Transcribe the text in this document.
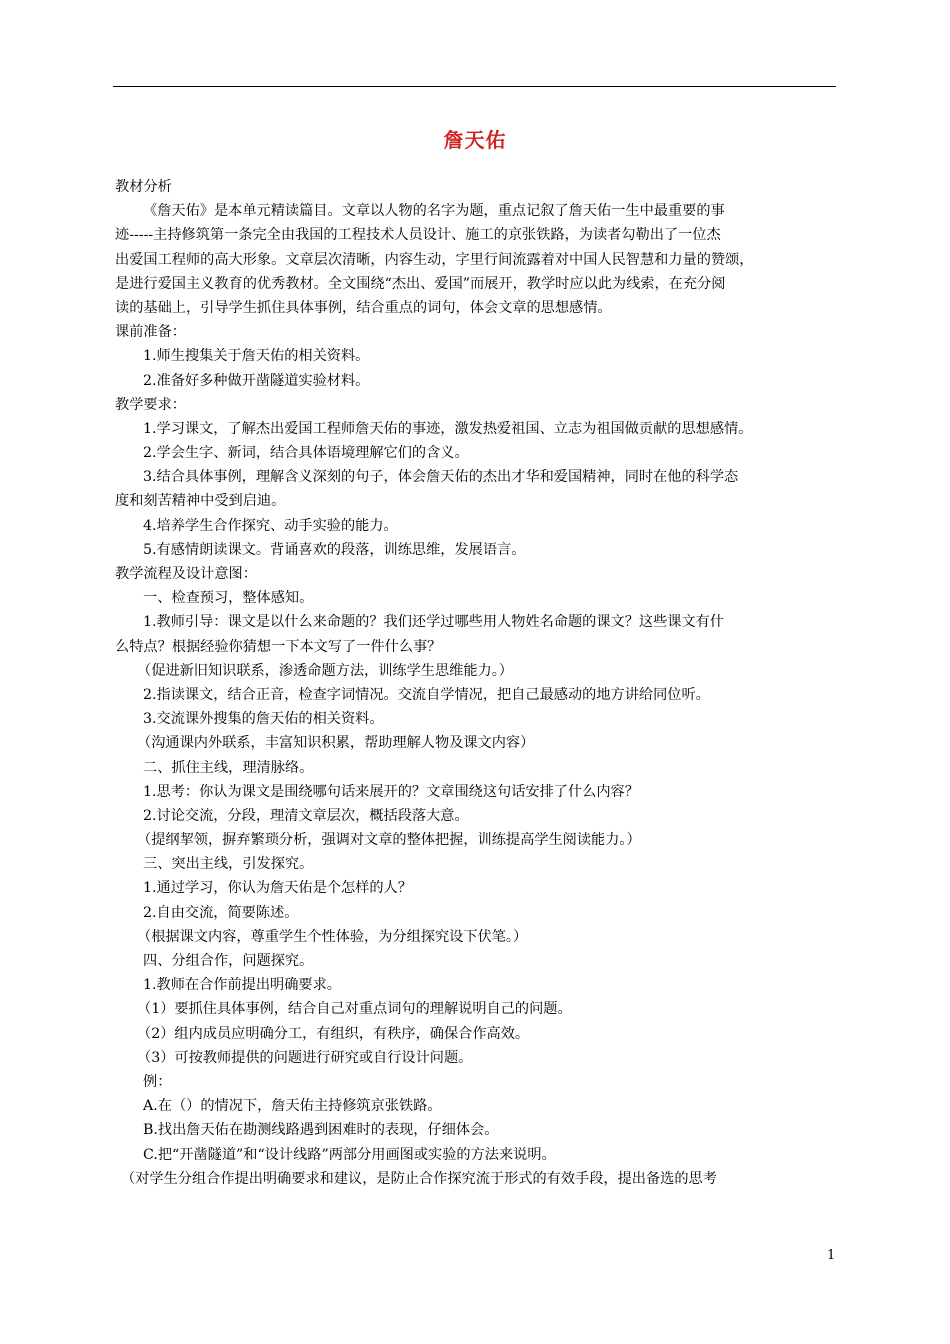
詹天佑
教材分析
《詹天佑》是本单元精读篇目。文章以人物的名字为题，重点记叙了詹天佑一生中最重要的事
迹-----主持修筑第一条完全由我国的工程技术人员设计、施工的京张铁路，为读者勾勒出了一位杰
出爱国工程师的高大形象。文章层次清晰，内容生动，字里行间流露着对中国人民智慧和力量的赞颂，
是进行爱国主义教育的优秀教材。全文围绕“杰出、爱国”而展开，教学时应以此为线索，在充分阅
读的基础上，引导学生抓住具体事例，结合重点的词句，体会文章的思想感情。
课前准备：
1.师生搜集关于詹天佑的相关资料。
2.准备好多种做开凿隧道实验材料。
教学要求：
1.学习课文，了解杰出爱国工程师詹天佑的事迹，激发热爱祖国、立志为祖国做贡献的思想感情。
2.学会生字、新词，结合具体语境理解它们的含义。
3.结合具体事例，理解含义深刻的句子，体会詹天佑的杰出才华和爱国精神，同时在他的科学态
度和刻苦精神中受到启迪。
4.培养学生合作探究、动手实验的能力。
5.有感情朗读课文。背诵喜欢的段落，训练思维，发展语言。
教学流程及设计意图：
一、检查预习，整体感知。
1.教师引导：课文是以什么来命题的？我们还学过哪些用人物姓名命题的课文？这些课文有什
么特点？根据经验你猜想一下本文写了一件什么事？
（促进新旧知识联系，渗透命题方法，训练学生思维能力。）
2.指读课文，结合正音，检查字词情况。交流自学情况，把自己最感动的地方讲给同位听。
3.交流课外搜集的詹天佑的相关资料。
（沟通课内外联系，丰富知识积累，帮助理解人物及课文内容）
二、抓住主线，理清脉络。
1.思考：你认为课文是围绕哪句话来展开的？文章围绕这句话安排了什么内容？
2.讨论交流，分段，理清文章层次，概括段落大意。
（提纲挈领，摒弃繁琐分析，强调对文章的整体把握，训练提高学生阅读能力。）
三、突出主线，引发探究。
1.通过学习，你认为詹天佑是个怎样的人？
2.自由交流，简要陈述。
（根据课文内容，尊重学生个性体验，为分组探究设下伏笔。）
四、分组合作，问题探究。
1.教师在合作前提出明确要求。
（1）要抓住具体事例，结合自己对重点词句的理解说明自己的问题。
（2）组内成员应明确分工，有组织，有秩序，确保合作高效。
（3）可按教师提供的问题进行研究或自行设计问题。
例：
A.在（）的情况下，詹天佑主持修筑京张铁路。
B.找出詹天佑在勘测线路遇到困难时的表现，仔细体会。
C.把“开凿隧道”和“设计线路”两部分用画图或实验的方法来说明。
（对学生分组合作提出明确要求和建议，是防止合作探究流于形式的有效手段，提出备选的思考
1
